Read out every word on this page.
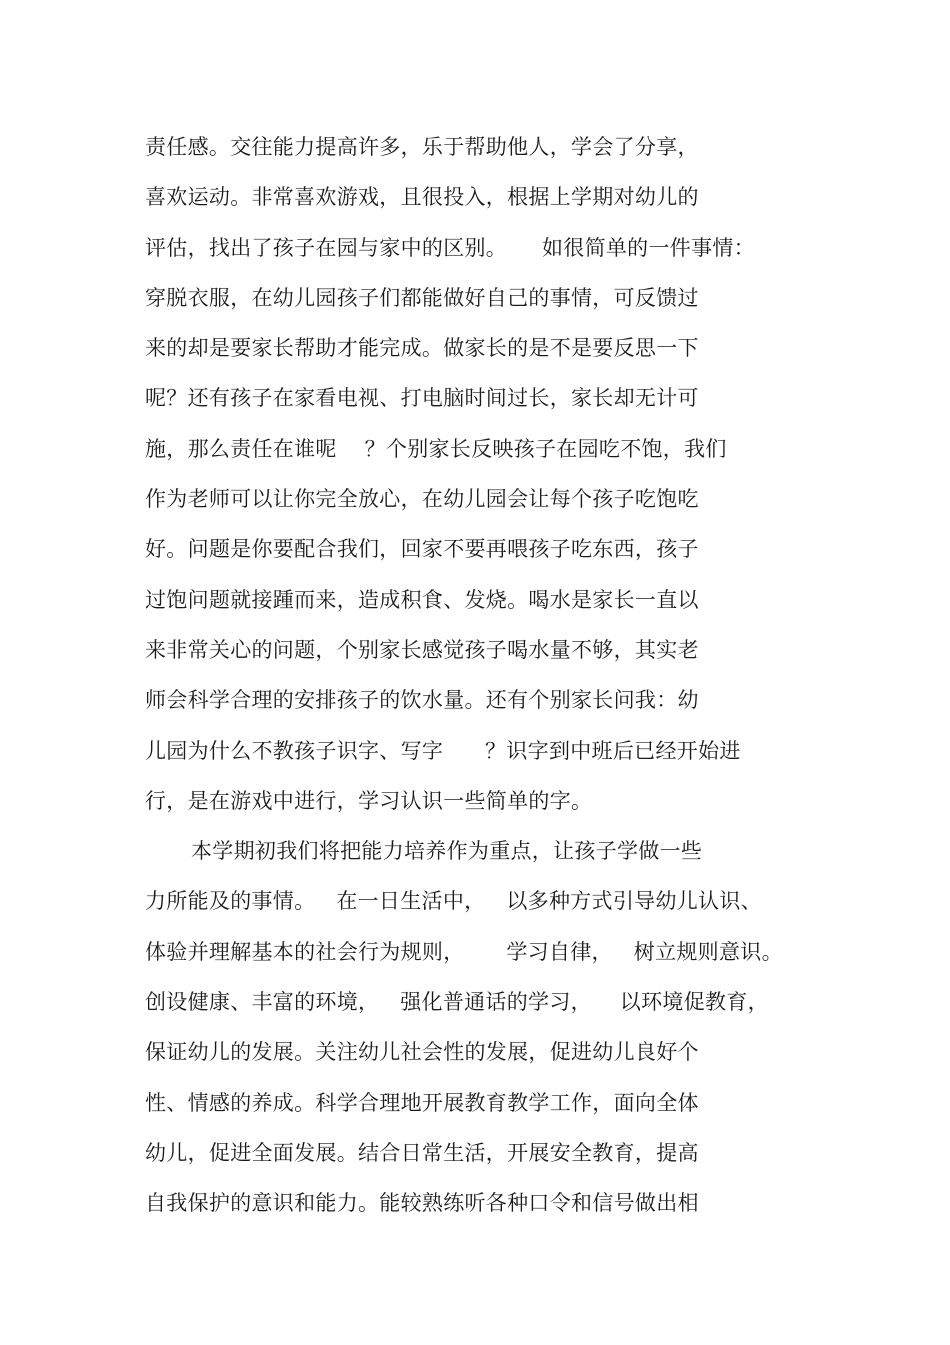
责任感。交往能力提高许多，乐于帮助他人，学会了分享，
喜欢运动。非常喜欢游戏，且很投入，根据上学期对幼儿的
评估，找出了孩子在园与家中的区别。     如很简单的一件事情：
穿脱衣服，在幼儿园孩子们都能做好自己的事情，可反馈过
来的却是要家长帮助才能完成。做家长的是不是要反思一下
呢？还有孩子在家看电视、打电脑时间过长，家长却无计可
施，那么责任在谁呢    ？个别家长反映孩子在园吃不饱，我们
作为老师可以让你完全放心，在幼儿园会让每个孩子吃饱吃
好。问题是你要配合我们，回家不要再喂孩子吃东西，孩子
过饱问题就接踵而来，造成积食、发烧。喝水是家长一直以
来非常关心的问题，个别家长感觉孩子喝水量不够，其实老
师会科学合理的安排孩子的饮水量。还有个别家长问我：幼
儿园为什么不教孩子识字、写字      ？识字到中班后已经开始进
行，是在游戏中进行，学习认识一些简单的字。
本学期初我们将把能力培养作为重点，让孩子学做一些
力所能及的事情。   在一日生活中，   以多种方式引导幼儿认识、
体验并理解基本的社会行为规则，      学习自律，   树立规则意识。
创设健康、丰富的环境，   强化普通话的学习，    以环境促教育，
保证幼儿的发展。关注幼儿社会性的发展，促进幼儿良好个
性、情感的养成。科学合理地开展教育教学工作，面向全体
幼儿，促进全面发展。结合日常生活，开展安全教育，提高
自我保护的意识和能力。能较熟练听各种口令和信号做出相
